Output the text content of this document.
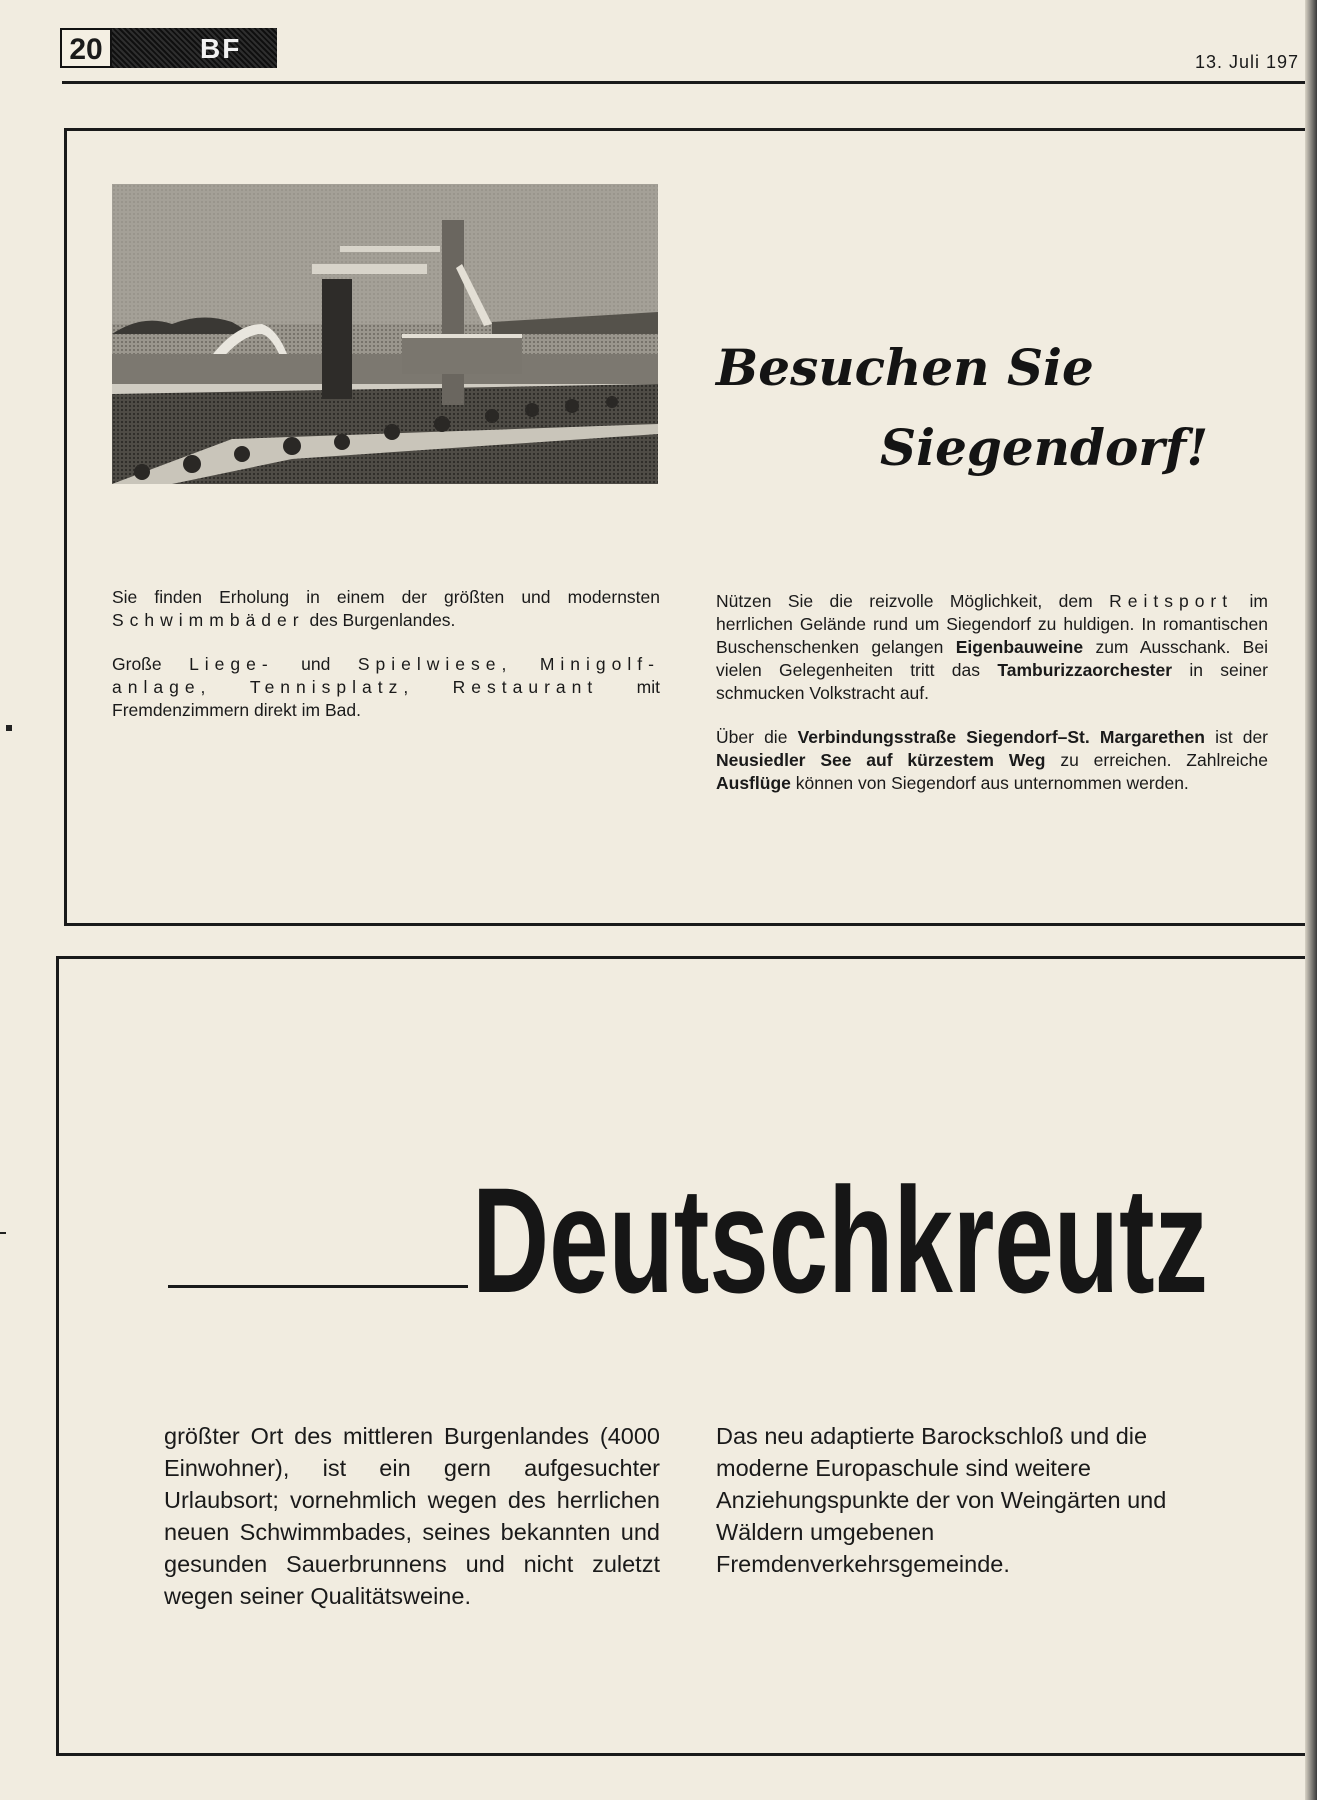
20	BF	13. Juli 197
Besuchen Sie
Siegendorf!

Sie finden Erholung in einem der größten und modernsten Schwimmbäder des Burgenlandes.

Große Liege- und Spielwiese, Minigolf-anlage, Tennisplatz, Restaurant mit Fremdenzimmern direkt im Bad.

Nützen Sie die reizvolle Möglichkeit, dem Reitsport im herrlichen Gelände rund um Siegendorf zu huldigen. In romantischen Buschenschenken gelangen Eigenbauweine zum Ausschank. Bei vielen Gelegenheiten tritt das Tamburizzaorchester in seiner schmucken Volkstracht auf.

Über die Verbindungsstraße Siegendorf–St. Margarethen ist der Neusiedler See auf kürzestem Weg zu erreichen. Zahlreiche Ausflüge können von Siegendorf aus unternommen werden.

Deutschkreutz

größter Ort des mittleren Burgenlandes (4000 Einwohner), ist ein gern aufgesuchter Urlaubsort; vornehmlich wegen des herrlichen neuen Schwimmbades, seines bekannten und gesunden Sauerbrunnens und nicht zuletzt wegen seiner Qualitätsweine.

Das neu adaptierte Barockschloß und die moderne Europaschule sind weitere Anziehungspunkte der von Weingärten und Wäldern umgebenen Fremdenverkehrsgemeinde.
